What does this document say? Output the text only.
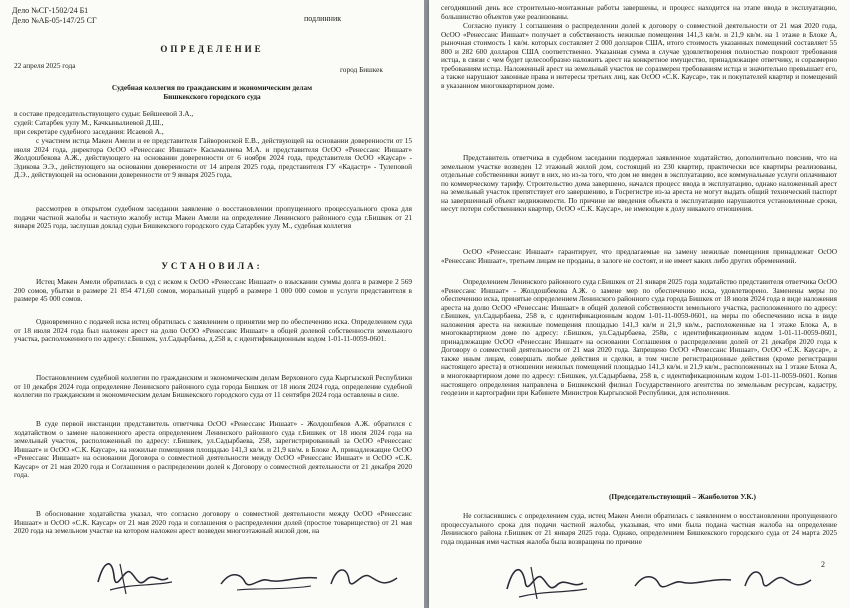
Дело №СГ-1502/24 Б1
Дело №АБ-05-147/25 СГ	подлинник
ОПРЕДЕЛЕНИЕ
22 апреля 2025 года	город Бишкек
Судебная коллегия по гражданским и экономическим делам
Бишкекского городского суда
в составе председательствующего судьи: Бейшеевой З.А.,
судей: Сатарбек уулу М., Качкынылиевой Д.Ш.,
при секретаре судебного заседания: Исаевой А.,

с участием истца Макен Амели и ее представителя Гайворонской Е.В., действующей на основании доверенности от 15 июля 2024 года, директора ОсОО «Ренессанс Иншаат» Касымалиева М.А. и представителя ОсОО «Ренессанс Иншаат» Жолдошбекова А.Ж., действующего на основании доверенности от 6 ноября 2024 года, представителя ОсОО «Каусар» - Эдикова Э.Э., действующего на основании доверенности от 14 апреля 2025 года, представителя ГУ «Кадастр» - Тулеповой Д.Э., действующей на основании доверенности от 9 января 2025 года,

рассмотрев в открытом судебном заседании заявление о восстановлении пропущенного процессуального срока для подачи частной жалобы и частную жалобу истца Макен Амели на определение Ленинского районного суда г.Бишкек от 21 января 2025 года, заслушав доклад судьи Бишкекского городского суда Сатарбек уулу М., судебная коллегия

УСТАНОВИЛА:

Истец Макен Амели обратилась в суд с иском к ОсОО «Ренессанс Иншаат» о взыскании суммы долга в размере 2 569 200 сомов, убытки в размере 21 854 471,60 сомов, моральный ущерб в размере 1 000 000 сомов и услуги представителя в размере 45 000 сомов.

Одновременно с подачей иска истец обратилась с заявлением о принятии мер по обеспечению иска. Определением суда от 18 июля 2024 года был наложен арест на долю ОсОО «Ренессанс Иншаат» в общей долевой собственности земельного участка, расположенного по адресу: г.Бишкек, ул.Садырбаева, д.258 в, с идентификационным кодом 1-01-11-0059-0601.

Постановлением судебной коллегии по гражданским и экономическим делам Верховного суда Кыргызской Республики от 10 декабря 2024 года определение Ленинского районного суда города Бишкек от 18 июля 2024 года, определение судебной коллегии по гражданским и экономическим делам Бишкекского городского суда от 11 сентября 2024 года оставлены в силе.

В суде первой инстанции представитель ответчика ОсОО «Ренессанс Иншаат» - Жолдошбеков А.Ж. обратился с ходатайством о замене наложенного ареста определением Ленинского районного суда г.Бишкек от 18 июля 2024 года на земельный участок, расположенный по адресу: г.Бишкек, ул.Садырбаева, 258, зарегистрированный за ОсОО «Ренессанс Иншаат» и ОсОО «С.К. Каусар», на нежилые помещения площадью 141,3 кв/м. и 21,9 кв/м. в Блоке А, принадлежащие ОсОО «Ренессанс Иншаат» на основании Договора о совместной деятельности между ОсОО «Ренессанс Иншаат» и ОсОО «С.К. Каусар» от 21 мая 2020 года и Соглашения о распределении долей к Договору о совместной деятельности от 21 декабря 2020 года.

В обоснование ходатайства указал, что согласно договору о совместной деятельности между ОсОО «Ренессанс Иншаат» и ОсОО «С.К. Каусар» от 21 мая 2020 года и соглашения о распределении долей (простое товарищество) от 21 мая 2020 года на земельном участке на котором наложен арест возведен многоэтажный жилой дом, на

сегодняшний день все строительно-монтажные работы завершены, и процесс находится на этапе ввода в эксплуатацию, большинство объектов уже реализованы.

Согласно пункту 1 соглашения о распределении долей к договору о совместной деятельности от 21 мая 2020 года, ОсОО «Ренессанс Иншаат» получает в собственность нежилые помещения 141,3 кв/м. и 21,9 кв/м. на 1 этаже в Блоке А, рыночная стоимость 1 кв/м. которых составляет 2 000 долларов США, итого стоимость указанных помещений составляет 55 800 и 282 600 долларов США соответственно. Указанная сумма в случае удовлетворения полностью покроют требования истца, в связи с чем будет целесообразно наложить арест на конкретное имущество, принадлежащее ответчику, и соразмерно требованиям истца. Наложенный арест на земельный участок не соразмерен требованиям истца и значительно превышает его, а также нарушают законные права и интересы третьих лиц, как ОсОО «С.К. Каусар», так и покупателей квартир и помещений в указанном многоквартирном доме.

Представитель ответчика в судебном заседании поддержал заявленное ходатайство, дополнительно пояснив, что на земельном участке возведен 12 этажный жилой дом, состоящий из 230 квартир, практически все квартиры реализованы, отдельные собственники живут в них, но из-за того, что дом не введен в эксплуатацию, все коммунальные услуги оплачивают по коммерческому тарифу. Строительство дома завершено, начался процесс ввода в эксплуатацию, однако наложенный арест на земельный участок препятствует его завершению, в Госрегистре из-за ареста не могут выдать общий технический паспорт на завершенный объект недвижимости. По причине не введения объекта в эксплуатацию нарушаются установленные сроки, несут потери собственники квартир, ОсОО «С.К. Каусар», не имеющие к долу никакого отношения.

ОсОО «Ренессанс Иншаат» гарантирует, что предлагаемые на замену нежилые помещения принадлежат ОсОО «Ренессанс Иншаат», третьим лицам не проданы, в залоге не состоят, и не имеет каких либо других обременений.

Определением Ленинского районного суда г.Бишкек от 21 января 2025 года ходатайство представителя ответчика ОсОО «Ренессанс Иншаат» - Жолдошбекова А.Ж. о замене мер по обеспечению иска, удовлетворено. Заменены меры по обеспечению иска, принятые определением Ленинского районного суда города Бишкек от 18 июля 2024 года в виде наложения ареста на долю ОсОО «Ренессанс Иншаат» в общей долевой собственности земельного участка, расположенного по адресу: г.Бишкек, ул.Садырбаева, 258 в, с идентификационным кодом 1-01-11-0059-0601, на меры по обеспечению иска в виде наложения ареста на нежилые помещения площадью 141,3 кв/м и 21,9 кв/м., расположенные на 1 этаже Блока А, в многоквартирном доме по адресу: г.Бишкек, ул.Садырбаева, 258в, с идентификационным кодом 1-01-11-0059-0601, принадлежащие ОсОО «Ренессанс Иншаат» на основании Соглашения о распределении долей от 21 декабря 2020 года к Договору о совместной деятельности от 21 мая 2020 года. Запрещено ОсОО «Ренессанс Иншаат», ОсОО «С.К. Каусар», а также иным лицам, совершать любые действия и сделки, в том числе регистрационные действия (кроме регистрации настоящего ареста) в отношении нежилых помещений площадью 141,3 кв/м. и 21,9 кв/м., расположенных на 1 этаже Блока А, в многоквартирном доме по адресу: г.Бишкек, ул.Садырбаева, 258 в, с идентификационным кодом 1-01-11-0059-0601. Копия настоящего определения направлена в Бишкекский филиал Государственного агентства по земельным ресурсам, кадастру, геодезии и картографии при Кабинете Министров Кыргызской Республики, для исполнения.

(Председательствующий – Жанболотов У.К.)

Не согласившись с определением суда, истец Макен Амели обратилась с заявлением о восстановлении пропущенного процессуального срока для подачи частной жалобы, указывая, что ими была подана частная жалоба на определение Ленинского района г.Бишкек от 21 января 2025 года. Однако, определением Бишкекского городского суда от 24 марта 2025 года поданная ими частная жалоба была возвращена по причине

2
